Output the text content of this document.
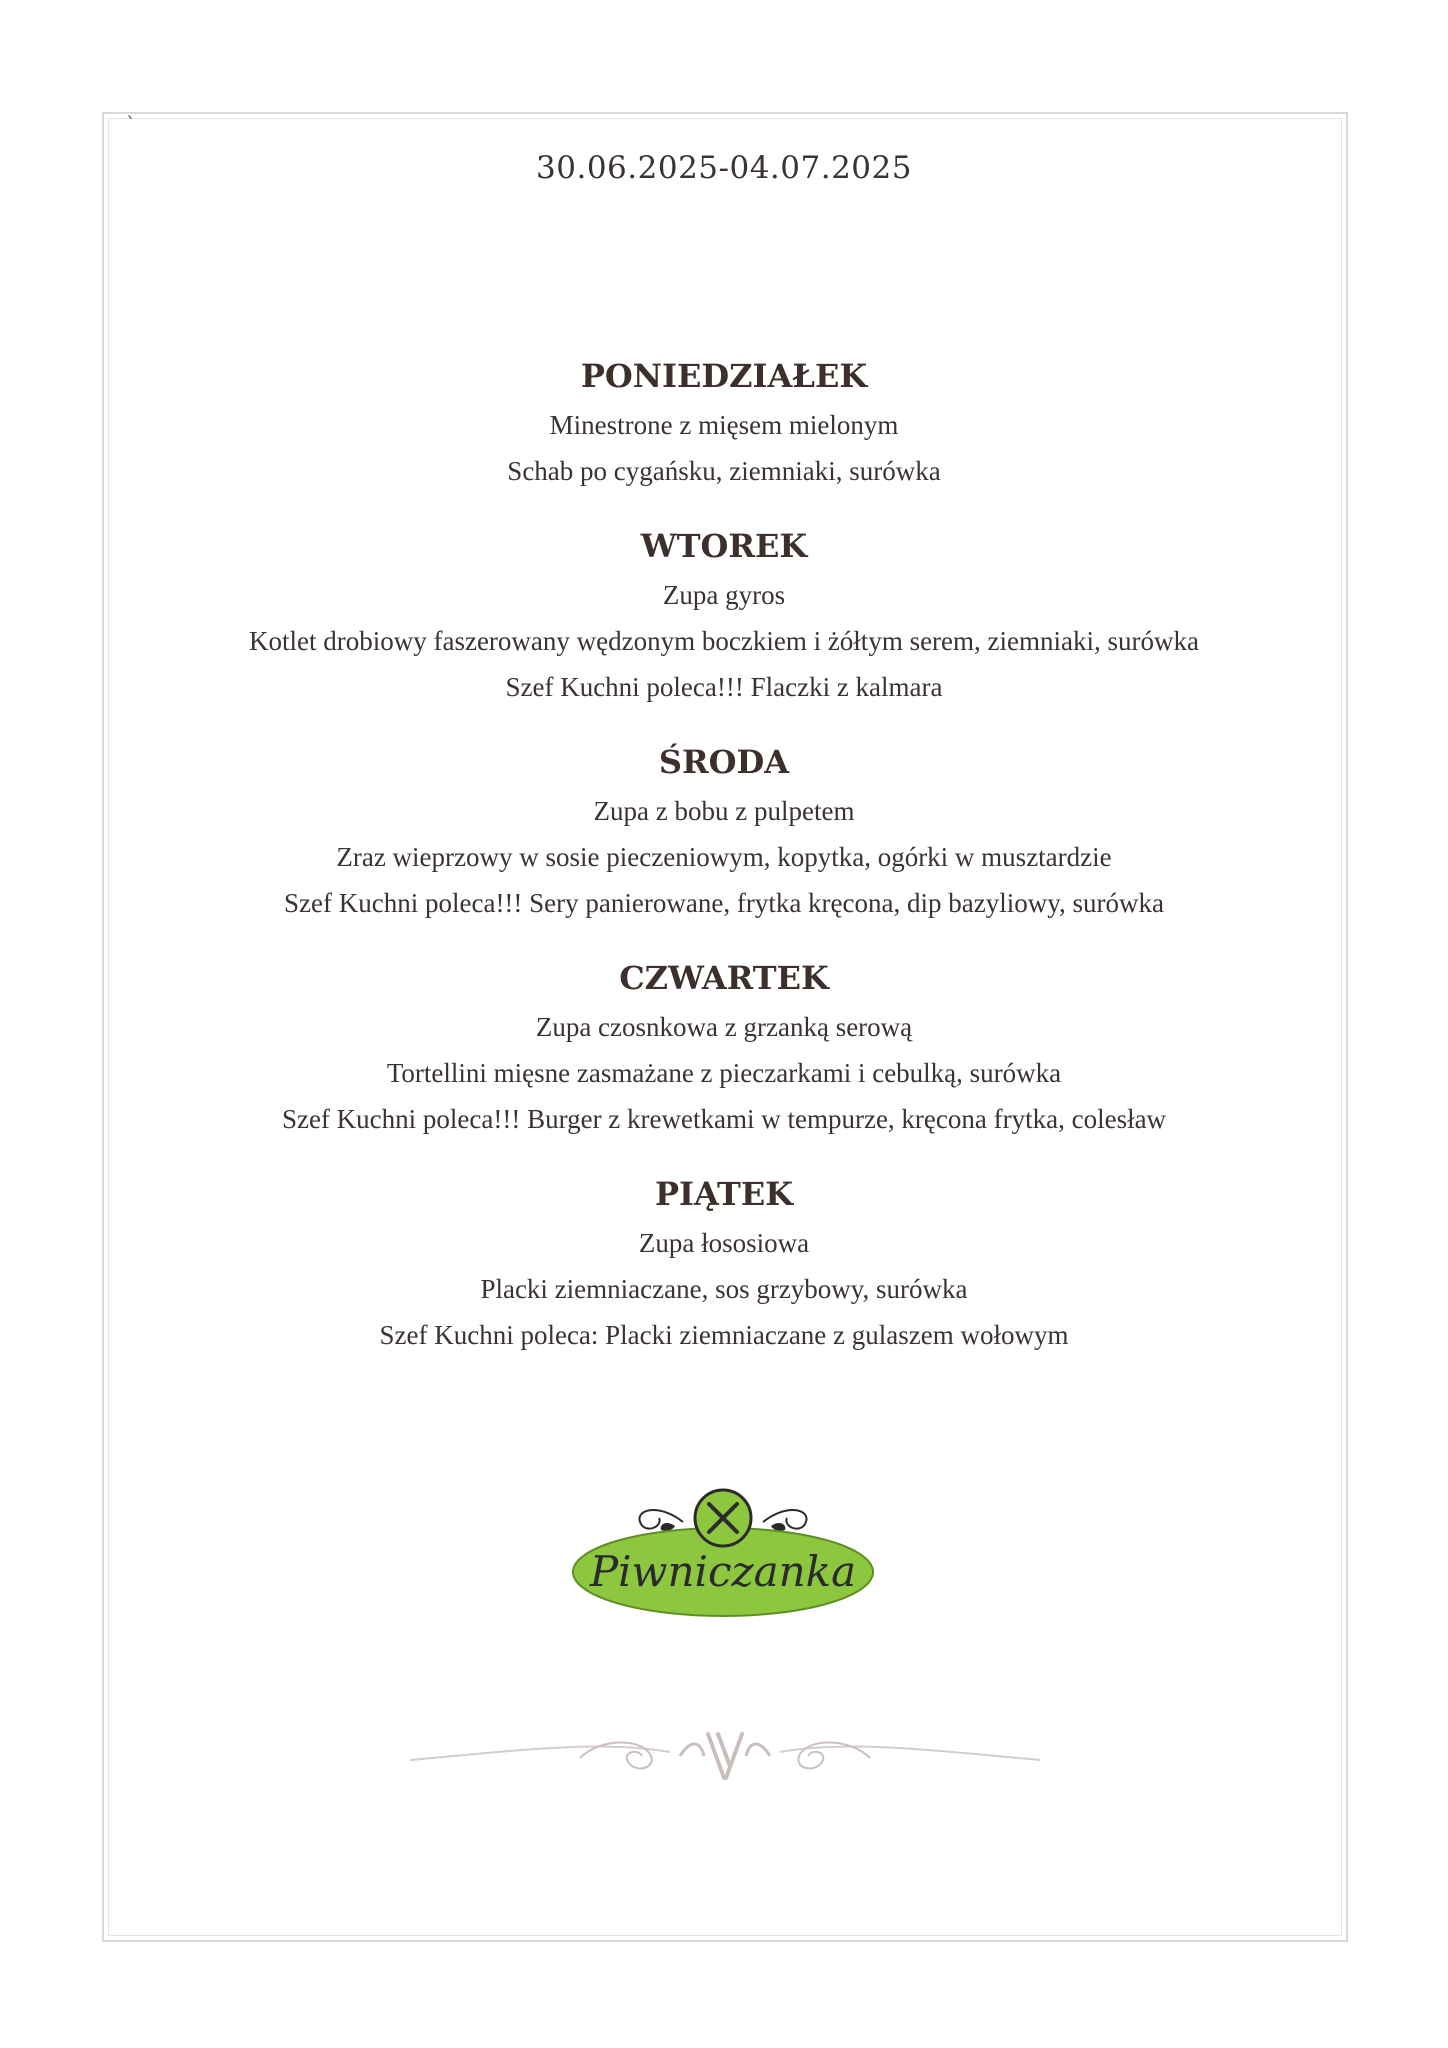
`
30.06.2025-04.07.2025
PONIEDZIAŁEK
Minestrone z mięsem mielonym
Schab po cygańsku, ziemniaki, surówka
WTOREK
Zupa gyros
Kotlet drobiowy faszerowany wędzonym boczkiem i żółtym serem, ziemniaki, surówka
Szef Kuchni poleca!!! Flaczki z kalmara
ŚRODA
Zupa z bobu z pulpetem
Zraz wieprzowy w sosie pieczeniowym, kopytka, ogórki w musztardzie
Szef Kuchni poleca!!! Sery panierowane, frytka kręcona, dip bazyliowy, surówka
CZWARTEK
Zupa czosnkowa z grzanką serową
Tortellini mięsne zasmażane z pieczarkami i cebulką, surówka
Szef Kuchni poleca!!! Burger z krewetkami w tempurze, kręcona frytka, colesław
PIĄTEK
Zupa łososiowa
Placki ziemniaczane, sos grzybowy, surówka
Szef Kuchni poleca: Placki ziemniaczane z gulaszem wołowym
Piwniczanka
